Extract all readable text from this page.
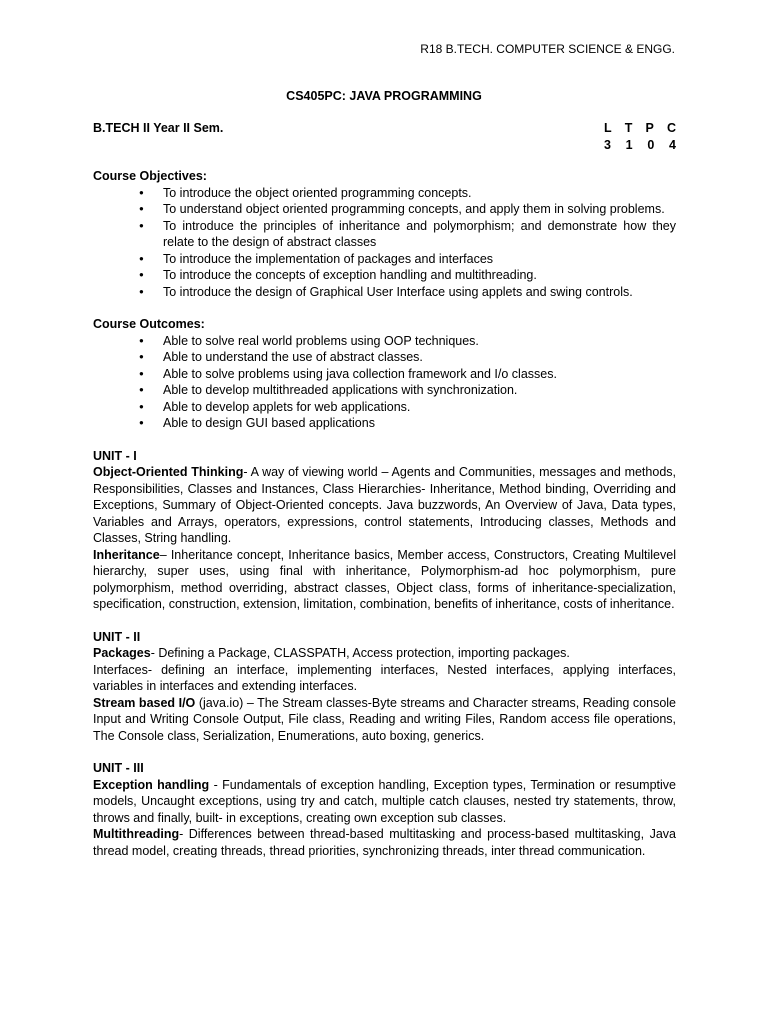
R18 B.TECH. COMPUTER SCIENCE & ENGG.
CS405PC: JAVA PROGRAMMING
B.TECH II Year II Sem.	L T P C
3 1 0 4
Course Objectives:
● To introduce the object oriented programming concepts.
● To understand object oriented programming concepts, and apply them in solving problems.
● To introduce the principles of inheritance and polymorphism; and demonstrate how they relate to the design of abstract classes
● To introduce the implementation of packages and interfaces
● To introduce the concepts of exception handling and multithreading.
● To introduce the design of Graphical User Interface using applets and swing controls.
Course Outcomes:
● Able to solve real world problems using OOP techniques.
● Able to understand the use of abstract classes.
● Able to solve problems using java collection framework and I/o classes.
● Able to develop multithreaded applications with synchronization.
● Able to develop applets for web applications.
● Able to design GUI based applications
UNIT - I

Object-Oriented Thinking- A way of viewing world – Agents and Communities, messages and methods, Responsibilities, Classes and Instances, Class Hierarchies- Inheritance, Method binding, Overriding and Exceptions, Summary of Object-Oriented concepts. Java buzzwords, An Overview of Java, Data types, Variables and Arrays, operators, expressions, control statements, Introducing classes, Methods and Classes, String handling.

Inheritance– Inheritance concept, Inheritance basics, Member access, Constructors, Creating Multilevel hierarchy, super uses, using final with inheritance, Polymorphism-ad hoc polymorphism, pure polymorphism, method overriding, abstract classes, Object class, forms of inheritance-specialization, specification, construction, extension, limitation, combination, benefits of inheritance, costs of inheritance.

UNIT - II

Packages- Defining a Package, CLASSPATH, Access protection, importing packages.

Interfaces- defining an interface, implementing interfaces, Nested interfaces, applying interfaces, variables in interfaces and extending interfaces.

Stream based I/O (java.io) – The Stream classes-Byte streams and Character streams, Reading console Input and Writing Console Output, File class, Reading and writing Files, Random access file operations, The Console class, Serialization, Enumerations, auto boxing, generics.

UNIT - III

Exception handling - Fundamentals of exception handling, Exception types, Termination or resumptive models, Uncaught exceptions, using try and catch, multiple catch clauses, nested try statements, throw, throws and finally, built- in exceptions, creating own exception sub classes.

Multithreading- Differences between thread-based multitasking and process-based multitasking, Java thread model, creating threads, thread priorities, synchronizing threads, inter thread communication.
